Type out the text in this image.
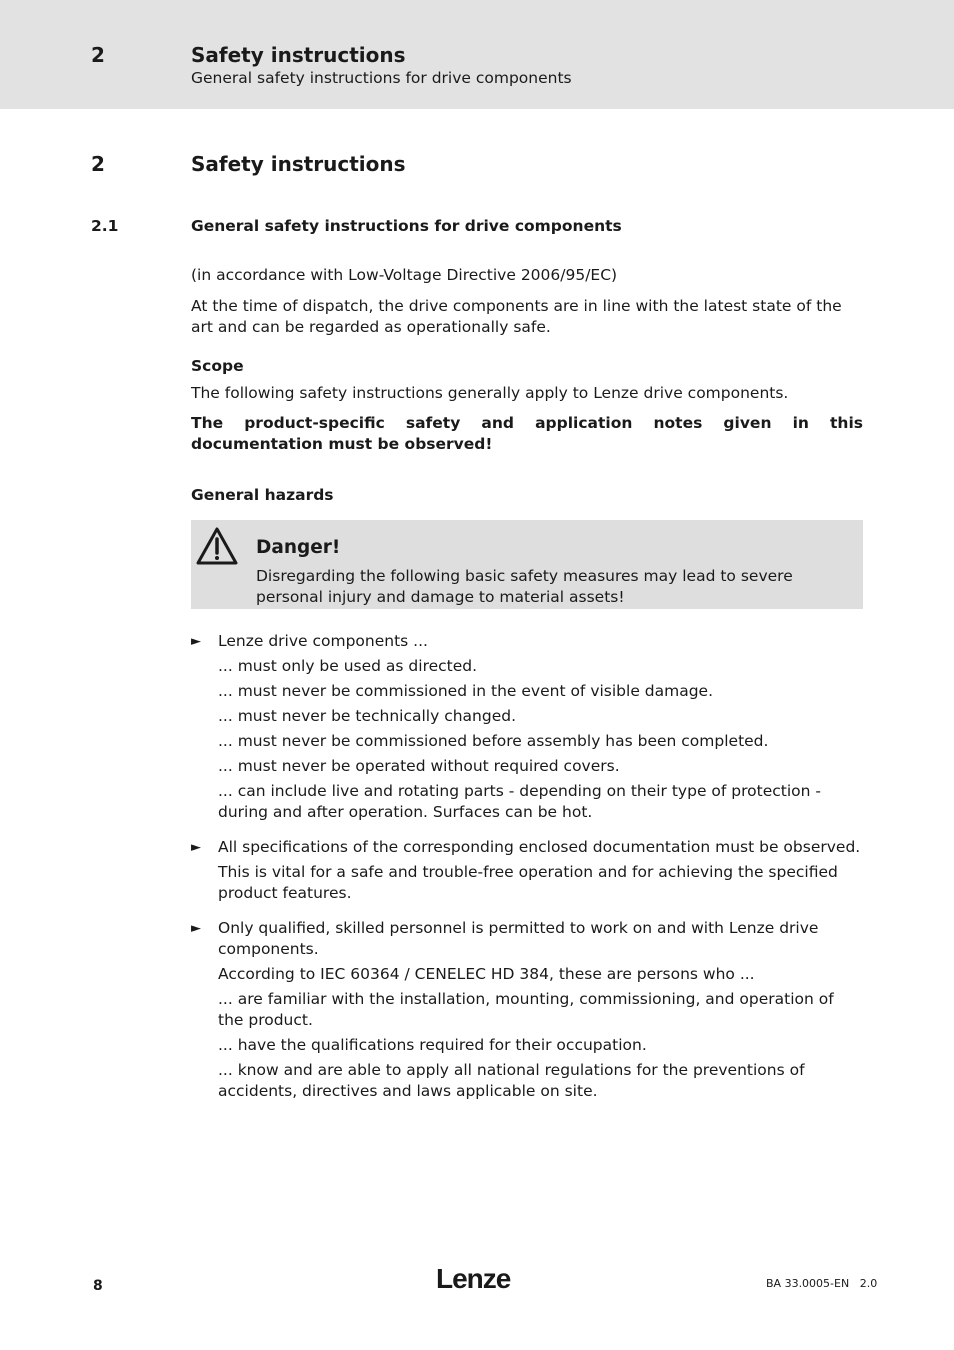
2	Safety instructions
General safety instructions for drive components
2	Safety instructions
2.1	General safety instructions for drive components

(in accordance with Low-Voltage Directive 2006/95/EC)

At the time of dispatch, the drive components are in line with the latest state of the art and can be regarded as operationally safe.

Scope

The following safety instructions generally apply to Lenze drive components.

The product-specific safety and application notes given in this documentation must be observed!

General hazards

Danger!
Disregarding the following basic safety measures may lead to severe personal injury and damage to material assets!
► Lenze drive components ...

... must only be used as directed.

... must never be commissioned in the event of visible damage.

... must never be technically changed.

... must never be commissioned before assembly has been completed.

... must never be operated without required covers.

... can include live and rotating parts - depending on their type of protection - during and after operation. Surfaces can be hot.

► All specifications of the corresponding enclosed documentation must be observed.

This is vital for a safe and trouble-free operation and for achieving the specified product features.

► Only qualified, skilled personnel is permitted to work on and with Lenze drive components.

According to IEC 60364 / CENELEC HD 384, these are persons who ...

... are familiar with the installation, mounting, commissioning, and operation of the product.

... have the qualifications required for their occupation.

... know and are able to apply all national regulations for the preventions of accidents, directives and laws applicable on site.

8	Lenze	BA 33.0005-EN 2.0
